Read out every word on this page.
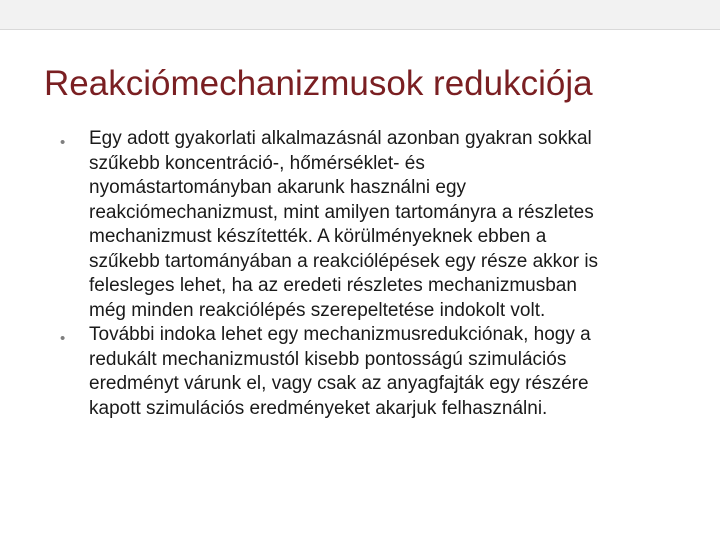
Reakciómechanizmusok redukciója
• Egy adott gyakorlati alkalmazásnál azonban gyakran sokkal
szűkebb koncentráció-, hőmérséklet- és
nyomástartományban akarunk használni egy
reakciómechanizmust, mint amilyen tartományra a részletes
mechanizmust készítették. A körülményeknek ebben a
szűkebb tartományában a reakciólépések egy része akkor is
felesleges lehet, ha az eredeti részletes mechanizmusban
még minden reakciólépés szerepeltetése indokolt volt.
• További indoka lehet egy mechanizmusredukciónak, hogy a
redukált mechanizmustól kisebb pontosságú szimulációs
eredményt várunk el, vagy csak az anyagfajták egy részére
kapott szimulációs eredményeket akarjuk felhasználni.
